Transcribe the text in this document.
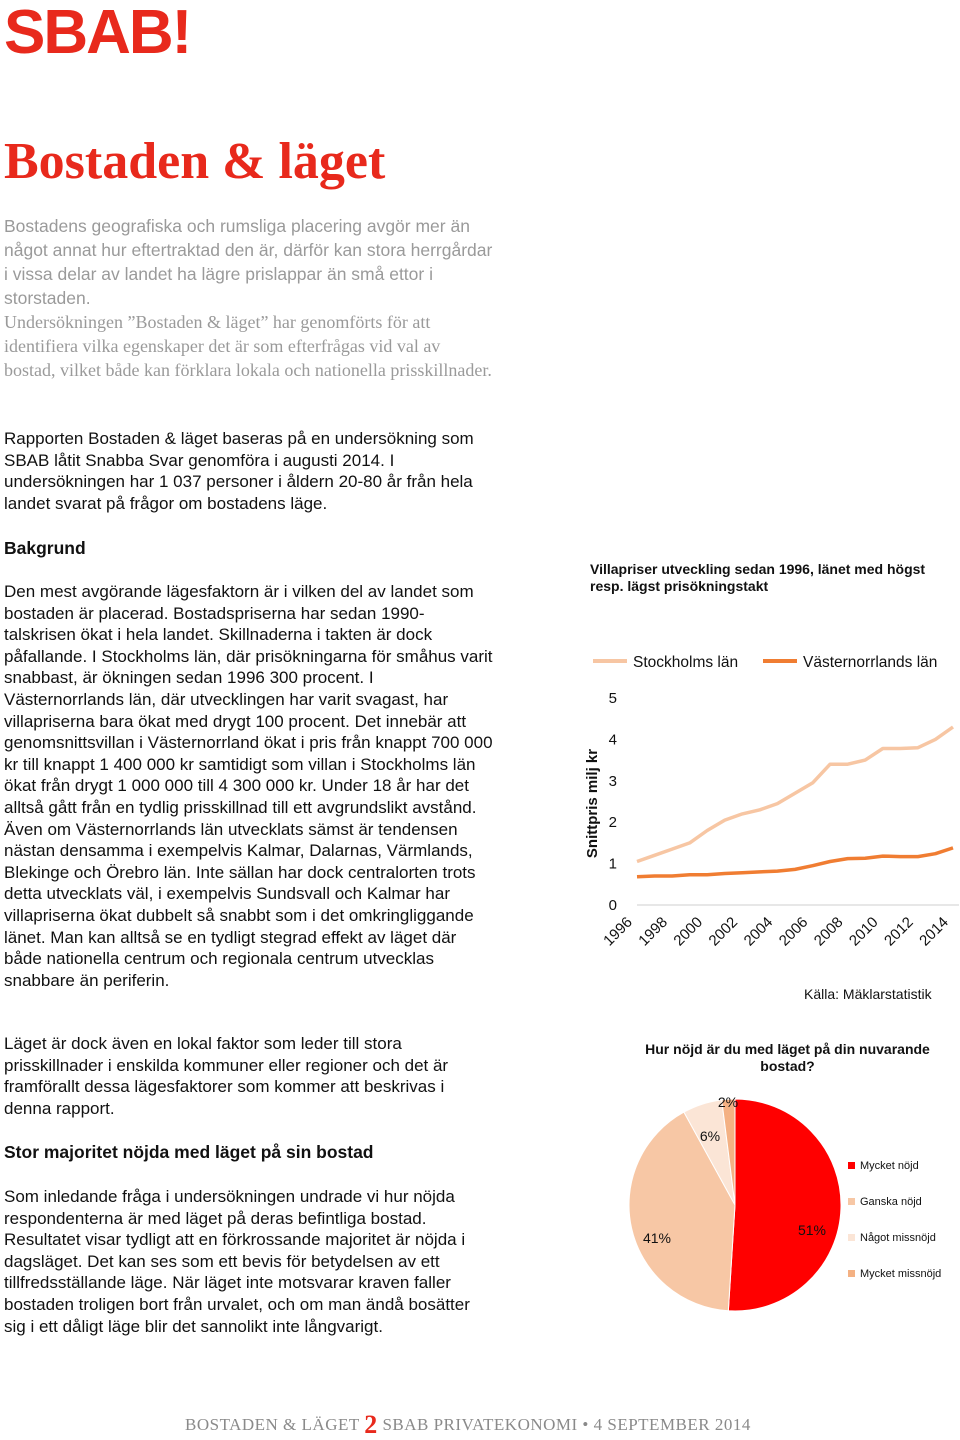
SBAB!
Bostaden & läget
Bostadens geografiska och rumsliga placering avgör mer än något annat hur eftertraktad den är, därför kan stora herrgårdar i vissa delar av landet ha lägre prislappar än små ettor i storstaden.
Undersökningen ”Bostaden & läget” har genomförts för att identifiera vilka egenskaper det är som efterfrågas vid val av bostad, vilket både kan förklara lokala och nationella prisskillnader.
Rapporten Bostaden & läget baseras på en undersökning som SBAB låtit Snabba Svar genomföra i augusti 2014. I undersökningen har 1 037 personer i åldern 20-80 år från hela landet svarat på frågor om bostadens läge.
Bakgrund
Den mest avgörande lägesfaktorn är i vilken del av landet som bostaden är placerad. Bostadspriserna har sedan 1990-talskrisen ökat i hela landet. Skillnaderna i takten är dock påfallande. I Stockholms län, där prisökningarna för småhus varit snabbast, är ökningen sedan 1996 300 procent. I Västernorrlands län, där utvecklingen har varit svagast, har villapriserna bara ökat med drygt 100 procent. Det innebär att genomsnittsvillan i Västernorrland ökat i pris från knappt 700 000 kr till knappt 1 400 000 kr samtidigt som villan i Stockholms län ökat från drygt 1 000 000 till 4 300 000 kr. Under 18 år har det alltså gått från en tydlig prisskillnad till ett avgrundslikt avstånd. Även om Västernorrlands län utvecklats sämst är tendensen nästan densamma i exempelvis Kalmar, Dalarnas, Värmlands, Blekinge och Örebro län. Inte sällan har dock centralorten trots detta utvecklats väl, i exempelvis Sundsvall och Kalmar har villapriserna ökat dubbelt så snabbt som i det omkringliggande länet. Man kan alltså se en tydligt stegrad effekt av läget där både nationella centrum och regionala centrum utvecklas snabbare än periferin.
Läget är dock även en lokal faktor som leder till stora prisskillnader i enskilda kommuner eller regioner och det är framförallt dessa lägesfaktorer som kommer att beskrivas i denna rapport.
Stor majoritet nöjda med läget på sin bostad
Som inledande fråga i undersökningen undrade vi hur nöjda respondenterna är med läget på deras befintliga bostad. Resultatet visar tydligt att en förkrossande majoritet är nöjda i dagsläget. Det kan ses som ett bevis för betydelsen av ett tillfredsställande läge. När läget inte motsvarar kraven faller bostaden troligen bort från urvalet, och om man ändå bosätter sig i ett dåligt läge blir det sannolikt inte långvarigt.
Villapriser utveckling sedan 1996, länet med högst resp. lägst prisökningstakt
Stockholms län	Västernorrlands län
0
1
2
3
4
5
1996 1998 2000 2002 2004 2006 2008 2010 2012 2014
Snittpris milj kr
Källa: Mäklarstatistik
Hur nöjd är du med läget på din nuvarande bostad?
51%
41%
6%
2%
Mycket nöjd
Ganska nöjd
Något missnöjd
Mycket missnöjd
BOSTADEN & LÄGET 2 SBAB PRIVATEKONOMI • 4 SEPTEMBER 2014
